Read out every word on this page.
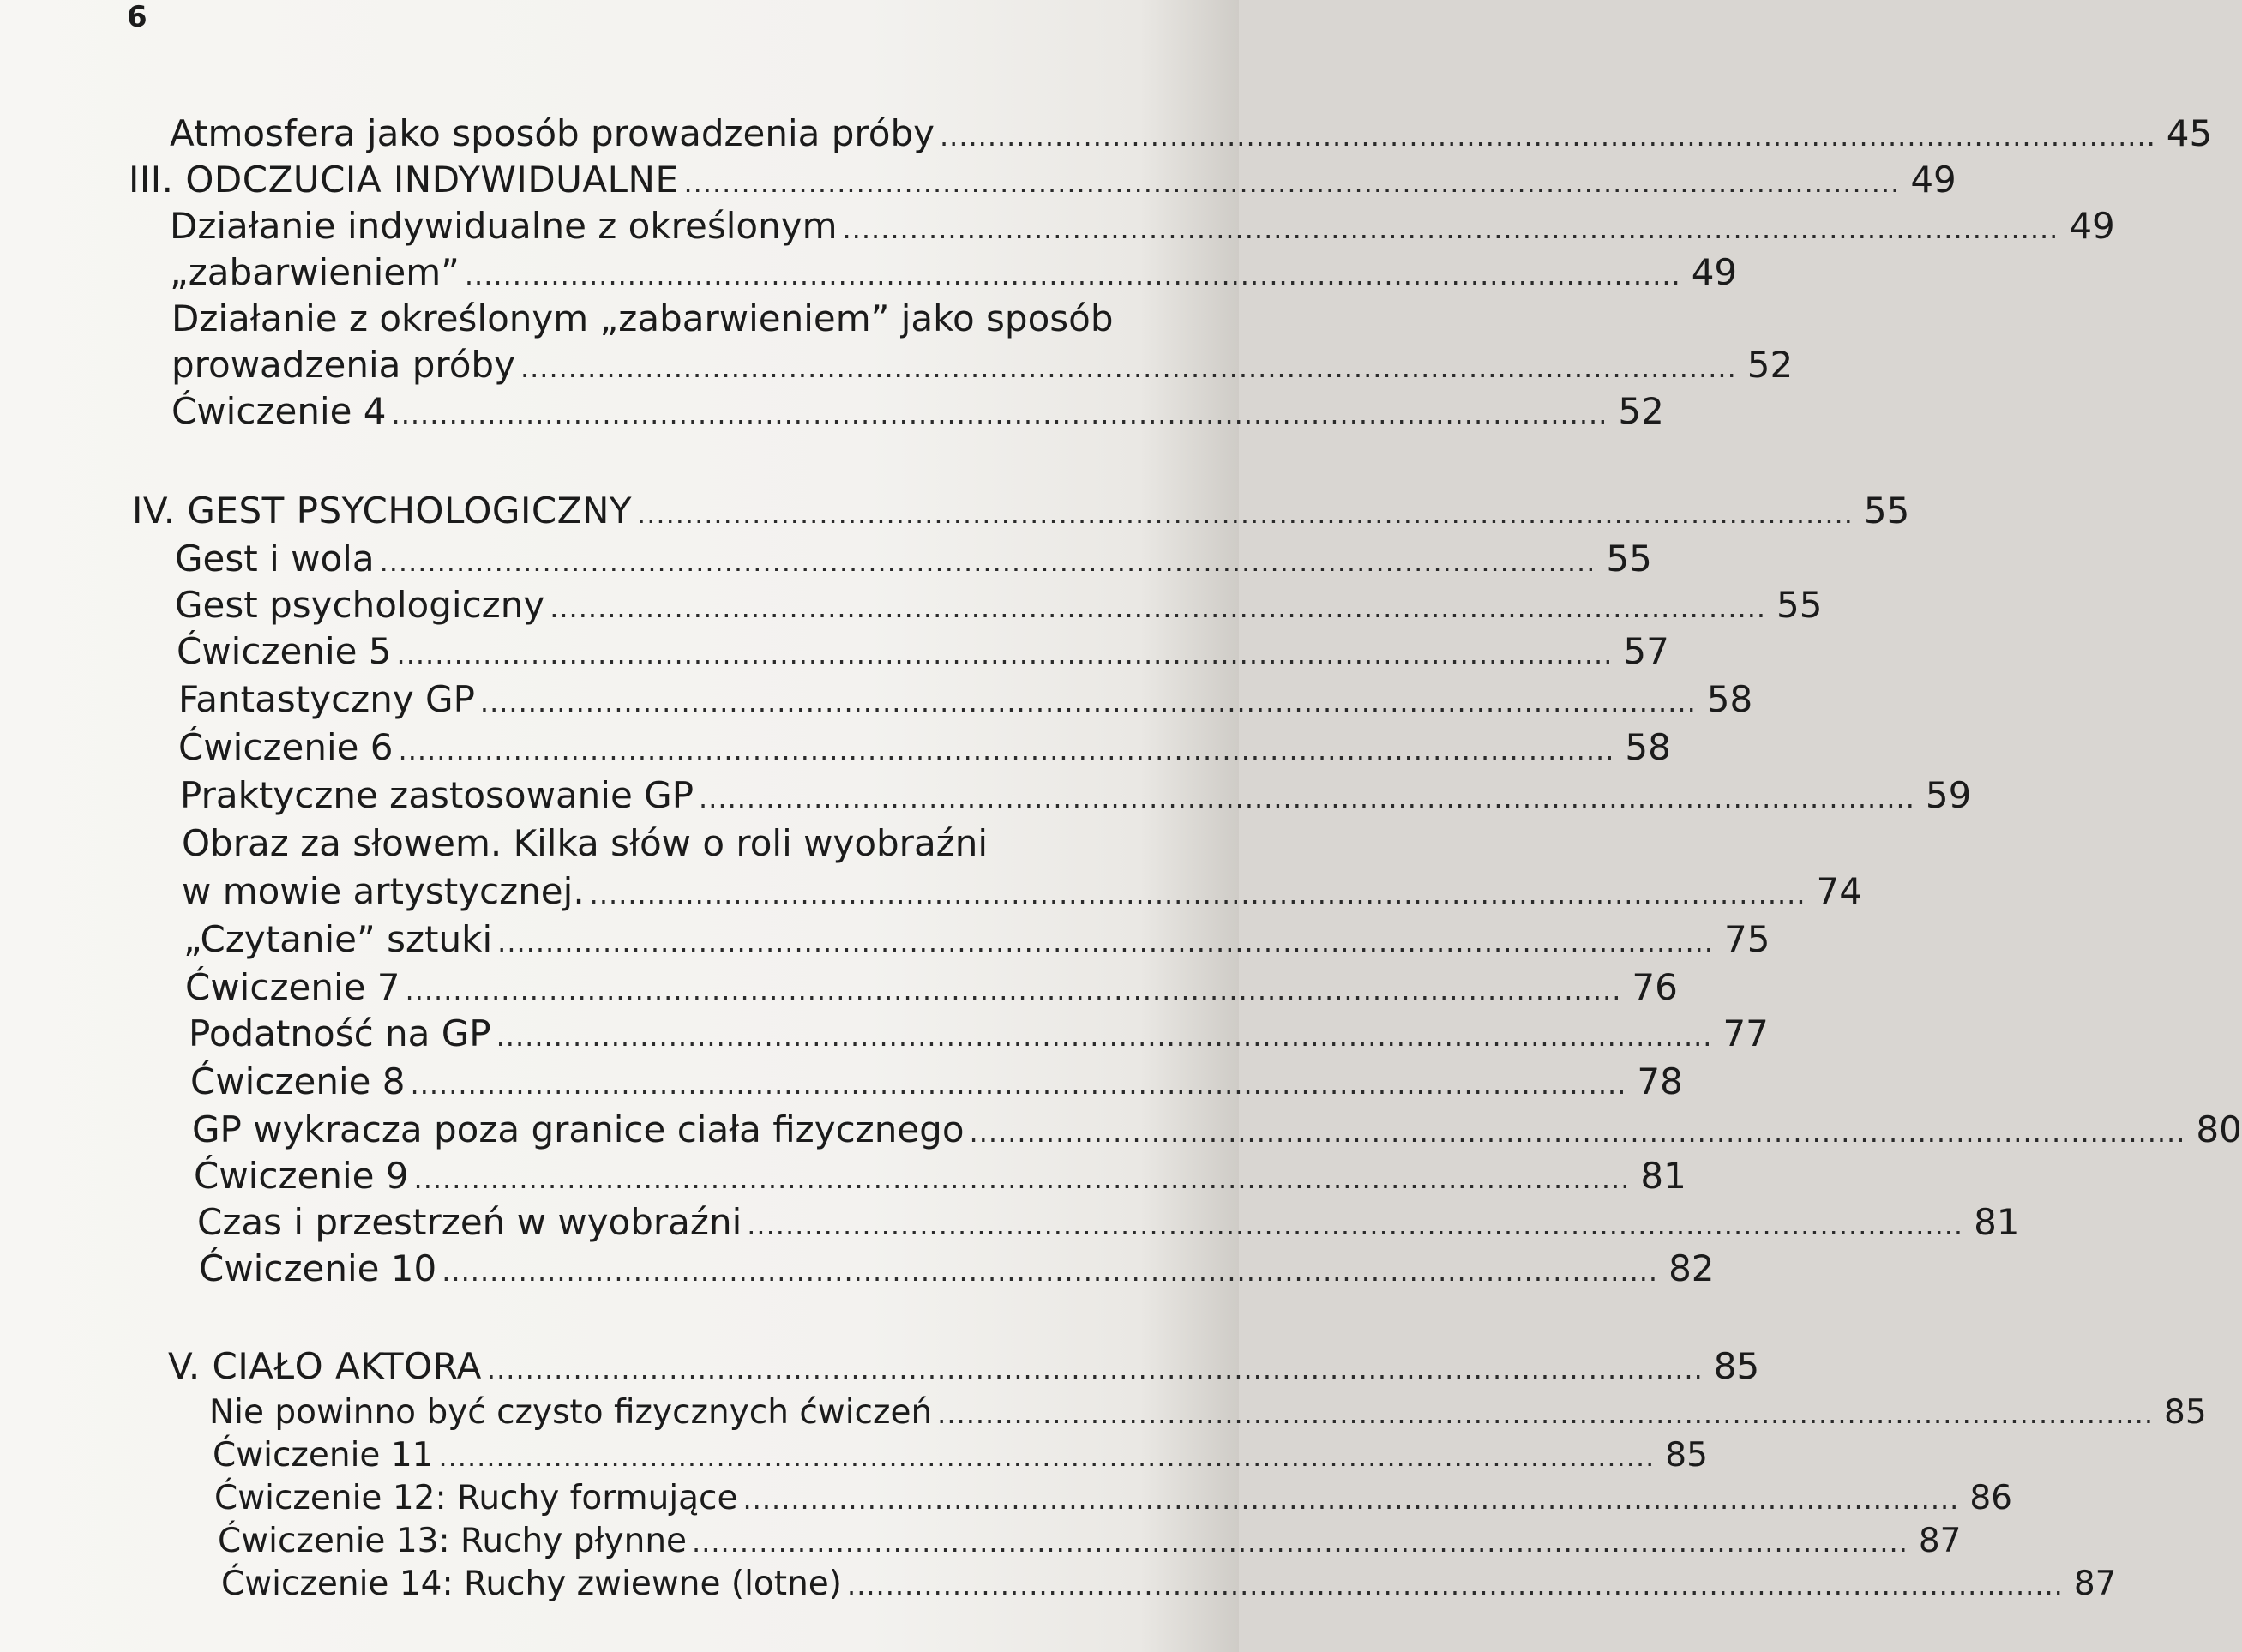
6
Atmosfera jako sposób prowadzenia próby ............................................................................................................................... 45
III. ODCZUCIA INDYWIDUALNE ............................................................................................................................... 49
Działanie indywidualne z określonym ............................................................................................................................... 49
„zabarwieniem” ............................................................................................................................... 49
Działanie z określonym „zabarwieniem” jako sposób
prowadzenia próby ............................................................................................................................... 52
Ćwiczenie 4 ............................................................................................................................... 52
IV. GEST PSYCHOLOGICZNY ............................................................................................................................... 55
Gest i wola ............................................................................................................................... 55
Gest psychologiczny ............................................................................................................................... 55
Ćwiczenie 5 ............................................................................................................................... 57
Fantastyczny GP ............................................................................................................................... 58
Ćwiczenie 6 ............................................................................................................................... 58
Praktyczne zastosowanie GP ............................................................................................................................... 59
Obraz za słowem. Kilka słów o roli wyobraźni
w mowie artystycznej. ............................................................................................................................... 74
„Czytanie” sztuki ............................................................................................................................... 75
Ćwiczenie 7 ............................................................................................................................... 76
Podatność na GP ............................................................................................................................... 77
Ćwiczenie 8 ............................................................................................................................... 78
GP wykracza poza granice ciała fizycznego ............................................................................................................................... 80
Ćwiczenie 9 ............................................................................................................................... 81
Czas i przestrzeń w wyobraźni ............................................................................................................................... 81
Ćwiczenie 10 ............................................................................................................................... 82
V. CIAŁO AKTORA ............................................................................................................................... 85
Nie powinno być czysto fizycznych ćwiczeń ............................................................................................................................... 85
Ćwiczenie 11 ............................................................................................................................... 85
Ćwiczenie 12: Ruchy formujące ............................................................................................................................... 86
Ćwiczenie 13: Ruchy płynne ............................................................................................................................... 87
Ćwiczenie 14: Ruchy zwiewne (lotne) ............................................................................................................................... 87
